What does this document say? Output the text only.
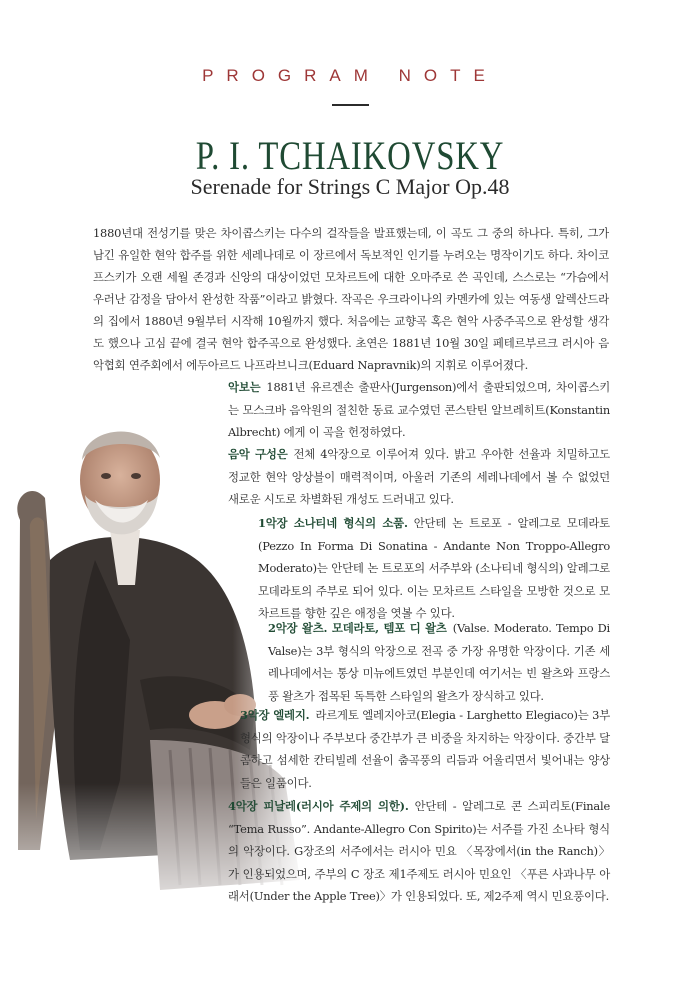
PROGRAM NOTE
P. I. TCHAIKOVSKY
Serenade for Strings C Major Op.48

1880년대 전성기를 맞은 차이콥스키는 다수의 걸작들을 발표했는데, 이 곡도 그 중의 하나다. 특히, 그가 남긴 유일한 현악 합주를 위한 세레나데로 이 장르에서 독보적인 인기를 누려오는 명작이기도 하다. 차이코프스키가 오랜 세월 존경과 신앙의 대상이었던 모차르트에 대한 오마주로 쓴 곡인데, 스스로는 “가슴에서 우러난 감정을 담아서 완성한 작품”이라고 밝혔다. 작곡은 우크라이나의 카멘카에 있는 여동생 알렉산드라의 집에서 1880년 9월부터 시작해 10월까지 했다. 처음에는 교향곡 혹은 현악 사중주곡으로 완성할 생각도 했으나 고심 끝에 결국 현악 합주곡으로 완성했다. 초연은 1881년 10월 30일 페테르부르크 러시아 음악협회 연주회에서 에두아르드 나프라브니크(Eduard Napravnik)의 지휘로 이루어졌다.

악보는 1881년 유르겐손 출판사(Jurgenson)에서 출판되었으며, 차이콥스키는 모스크바 음악원의 절친한 동료 교수였던 콘스탄틴 알브레히트(Konstantin Albrecht) 에게 이 곡을 헌정하였다.

음악 구성은 전체 4악장으로 이루어져 있다. 밝고 우아한 선율과 치밀하고도 정교한 현악 앙상블이 매력적이며, 아울러 기존의 세레나데에서 볼 수 없었던 새로운 시도로 차별화된 개성도 드러내고 있다.

1악장 소나티네 형식의 소품. 안단테 논 트로포 - 알레그로 모데라토(Pezzo In Forma Di Sonatina - Andante Non Troppo-Allegro Moderato)는 안단테 논 트로포의 서주부와 (소나티네 형식의) 알레그로 모데라토의 주부로 되어 있다. 이는 모차르트 스타일을 모방한 것으로 모차르트를 향한 깊은 애정을 엿볼 수 있다.

2악장 왈츠. 모데라토, 템포 디 왈츠 (Valse. Moderato. Tempo Di Valse)는 3부 형식의 악장으로 전곡 중 가장 유명한 악장이다. 기존 세레나데에서는 통상 미뉴에트였던 부분인데 여기서는 빈 왈츠와 프랑스풍 왈츠가 접목된 독특한 스타일의 왈츠가 장식하고 있다.

3악장 엘레지. 라르게토 엘레지아코(Elegia - Larghetto Elegiaco)는 3부 형식의 악장이나 주부보다 중간부가 큰 비중을 차지하는 악장이다. 중간부 달콤하고 섬세한 칸티빌레 선율이 춤곡풍의 리듬과 어울리면서 빛어내는 양상들은 일품이다.

4악장 피날레(러시아 주제의 의한). 안단테 - 알레그로 콘 스피리토(Finale “Tema Russo”. Andante-Allegro Con Spirito)는 서주를 가진 소나타 형식의 악장이다. G장조의 서주에서는 러시아 민요 〈목장에서(in the Ranch)〉가 인용되었으며, 주부의 C 장조 제1주제도 러시아 민요인 〈푸른 사과나무 아래서(Under the Apple Tree)〉가 인용되었다. 또, 제2주제 역시 민요풍이다.
